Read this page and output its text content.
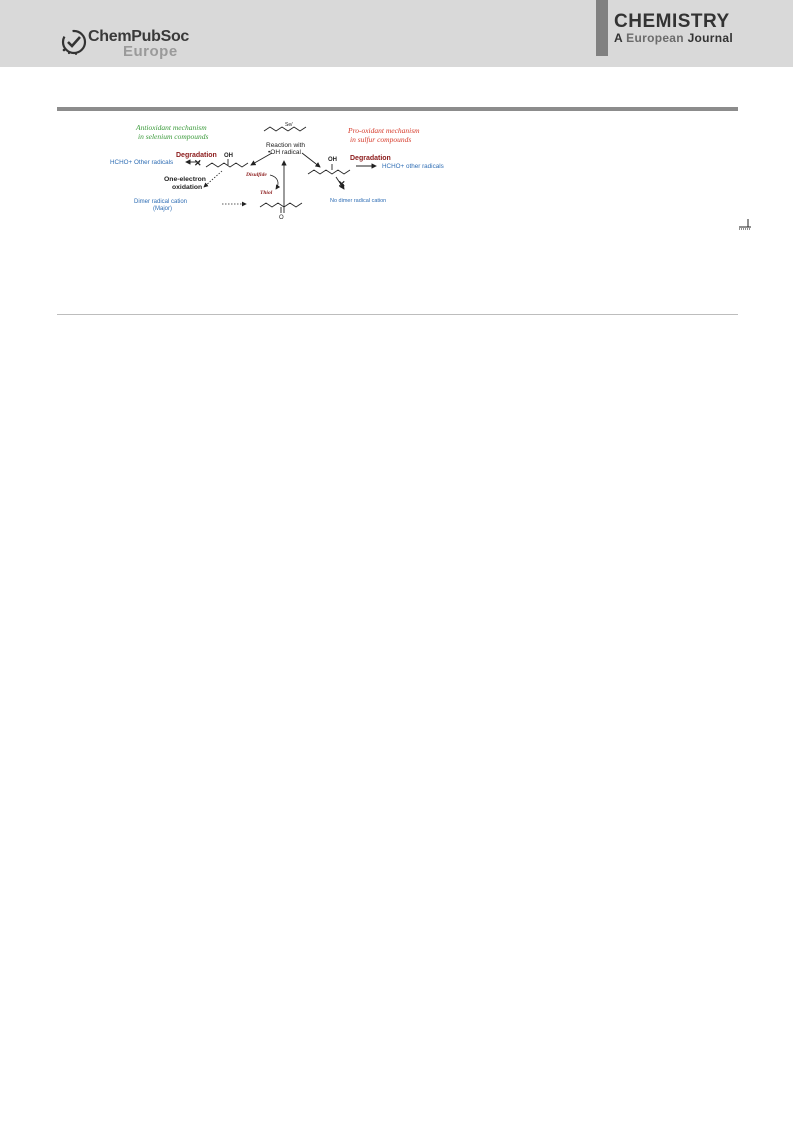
ChemPubSoc
Europe
CHEMISTRY
A European Journal
Antioxidant mechanism
in selenium compounds
Pro-oxidant mechanism
in sulfur compounds
Se/
Reaction with
•OH radical
Degradation
HCHO+ Other radicals ✕
OH
One-electron
oxidation
Dimer radical cation
(Major)
Disulfide
Thiol
O
OH Degradation
HCHO+ other radicals
✕
No dimer radical cation
